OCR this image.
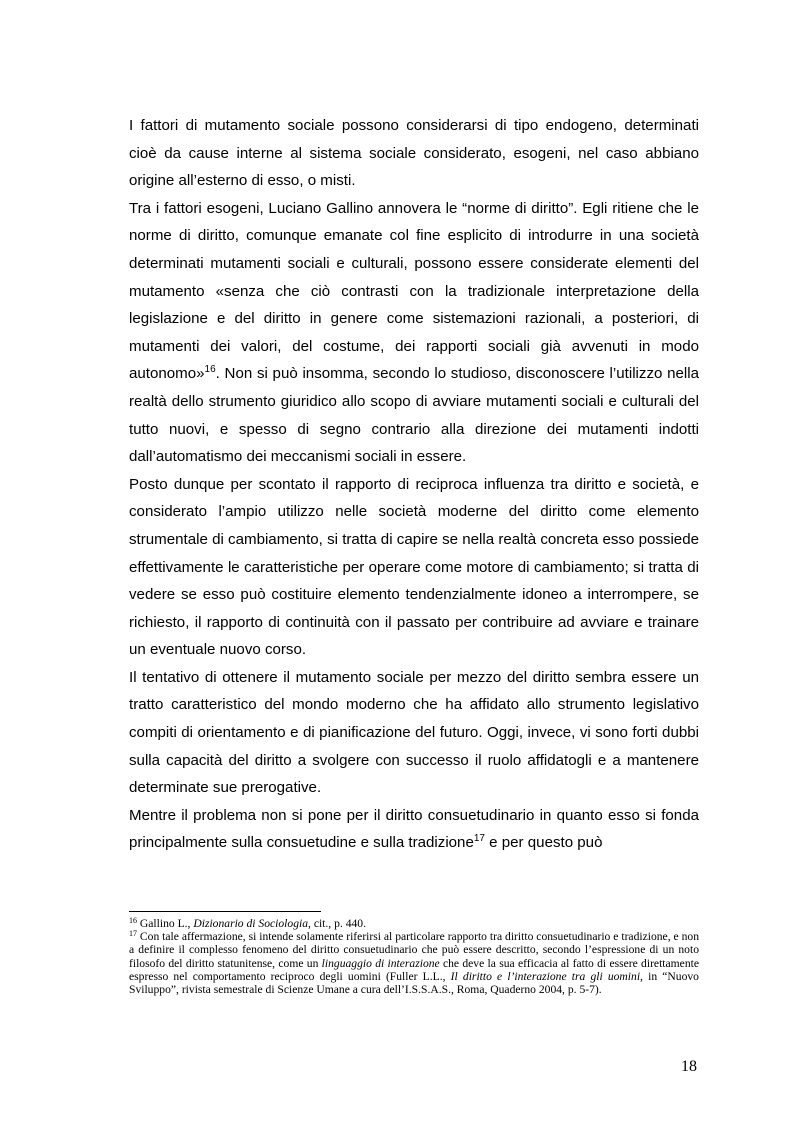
I fattori di mutamento sociale possono considerarsi di tipo endogeno, determinati cioè da cause interne al sistema sociale considerato, esogeni, nel caso abbiano origine all’esterno di esso, o misti.

Tra i fattori esogeni, Luciano Gallino annovera le “norme di diritto”. Egli ritiene che le norme di diritto, comunque emanate col fine esplicito di introdurre in una società determinati mutamenti sociali e culturali, possono essere considerate elementi del mutamento «senza che ciò contrasti con la tradizionale interpretazione della legislazione e del diritto in genere come sistemazioni razionali, a posteriori, di mutamenti dei valori, del costume, dei rapporti sociali già avvenuti in modo autonomo»$^{16}$. Non si può insomma, secondo lo studioso, disconoscere l’utilizzo nella realtà dello strumento giuridico allo scopo di avviare mutamenti sociali e culturali del tutto nuovi, e spesso di segno contrario alla direzione dei mutamenti indotti dall’automatismo dei meccanismi sociali in essere.

Posto dunque per scontato il rapporto di reciproca influenza tra diritto e società, e considerato l’ampio utilizzo nelle società moderne del diritto come elemento strumentale di cambiamento, si tratta di capire se nella realtà concreta esso possiede effettivamente le caratteristiche per operare come motore di cambiamento; si tratta di vedere se esso può costituire elemento tendenzialmente idoneo a interrompere, se richiesto, il rapporto di continuità con il passato per contribuire ad avviare e trainare un eventuale nuovo corso.

Il tentativo di ottenere il mutamento sociale per mezzo del diritto sembra essere un tratto caratteristico del mondo moderno che ha affidato allo strumento legislativo compiti di orientamento e di pianificazione del futuro. Oggi, invece, vi sono forti dubbi sulla capacità del diritto a svolgere con successo il ruolo affidatogli e a mantenere determinate sue prerogative.

Mentre il problema non si pone per il diritto consuetudinario in quanto esso si fonda principalmente sulla consuetudine e sulla tradizione$^{17}$ e per questo può

$^{16}$ Gallino L., Dizionario di Sociologia, cit., p. 440.

$^{17}$ Con tale affermazione, si intende solamente riferirsi al particolare rapporto tra diritto consuetudinario e tradizione, e non a definire il complesso fenomeno del diritto consuetudinario che può essere descritto, secondo l’espressione di un noto filosofo del diritto statunitense, come un linguaggio di interazione che deve la sua efficacia al fatto di essere direttamente espresso nel comportamento reciproco degli uomini (Fuller L.L., Il diritto e l’interazione tra gli uomini, in “Nuovo Sviluppo”, rivista semestrale di Scienze Umane a cura dell’I.S.S.A.S., Roma, Quaderno 2004, p. 5-7).

18
